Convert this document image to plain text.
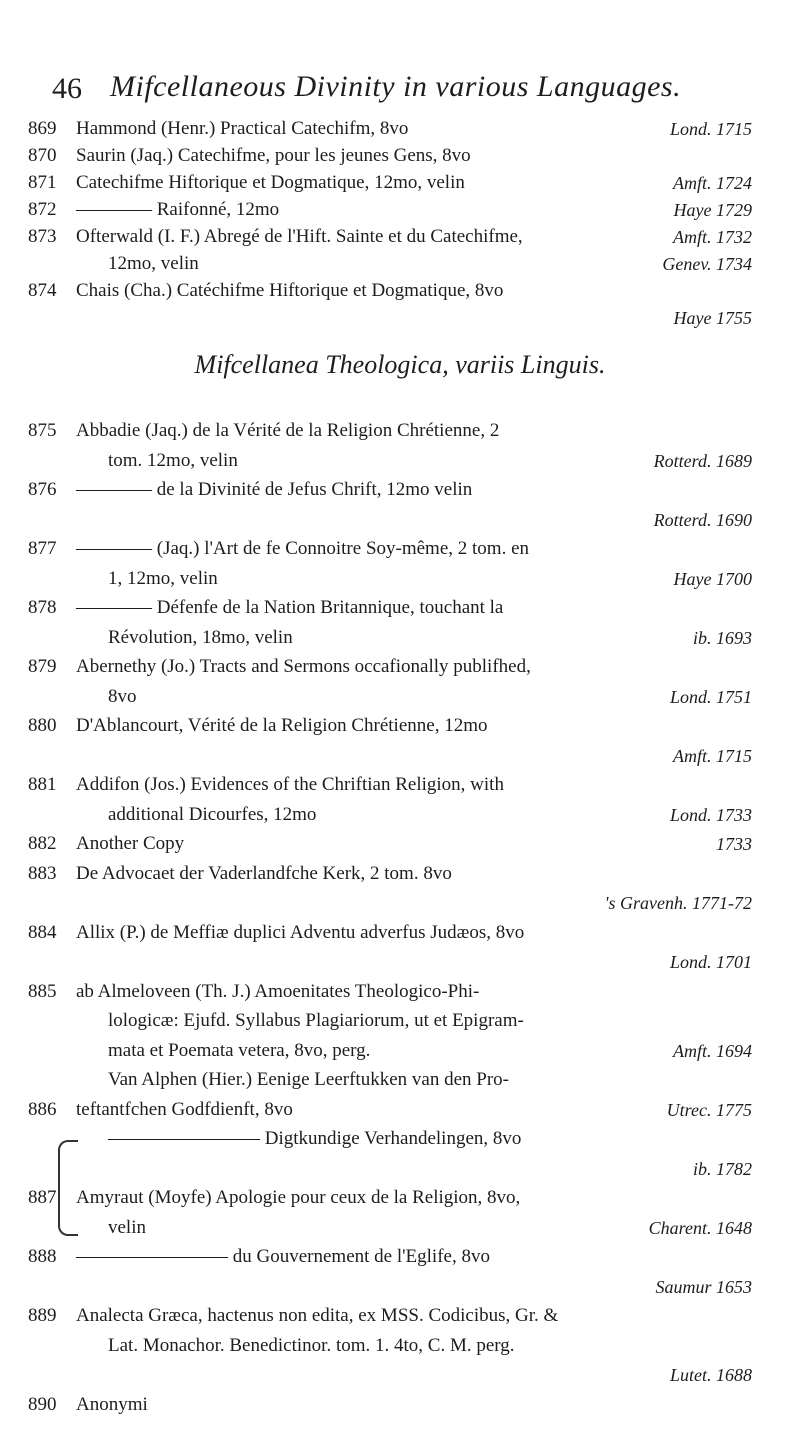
46 Mifcellaneous Divinity in various Languages.
Mifcellanea Theologica, variis Linguis.
869	Hammond (Henr.) Practical Catechifm, 8vo	Lond. 1715
870	Saurin (Jaq.) Catechifme, pour les jeunes Gens, 8vo
871	Catechifme Hiftorique et Dogmatique, 12mo, velin	Amft. 1724
872	———— Raifonné, 12mo	Haye 1729
873	Ofterwald (I. F.) Abregé de l'Hift. Sainte et du Catechifme,	Amft. 1732
12mo, velin	Genev. 1734
874	Chais (Cha.) Catéchifme Hiftorique et Dogmatique, 8vo
Haye 1755
875	Abbadie (Jaq.) de la Vérité de la Religion Chrétienne, 2
tom. 12mo, velin	Rotterd. 1689
876	———— de la Divinité de Jefus Chrift, 12mo velin
Rotterd. 1690
877	———— (Jaq.) l'Art de fe Connoitre Soy-même, 2 tom. en
1, 12mo, velin	Haye 1700
878	———— Défenfe de la Nation Britannique, touchant la
Révolution, 18mo, velin	ib. 1693
879	Abernethy (Jo.) Tracts and Sermons occafionally publifhed,
8vo	Lond. 1751
880	D'Ablancourt, Vérité de la Religion Chrétienne, 12mo
Amft. 1715
881	Addifon (Jos.) Evidences of the Chriftian Religion, with
additional Dicourfes, 12mo	Lond. 1733
882	Another Copy	1733
883	De Advocaet der Vaderlandfche Kerk, 2 tom. 8vo
's Gravenh. 1771-72
884	Allix (P.) de Meffiæ duplici Adventu adverfus Judæos, 8vo
Lond. 1701
885	ab Almeloveen (Th. J.) Amoenitates Theologico-Phi-
lologicæ: Ejufd. Syllabus Plagiariorum, ut et Epigram-
mata et Poemata vetera, 8vo, perg.	Amft. 1694
Van Alphen (Hier.) Eenige Leerftukken van den Pro-
886	teftantfchen Godfdienft, 8vo	Utrec. 1775
———————— Digtkundige Verhandelingen, 8vo
ib. 1782
887	Amyraut (Moyfe) Apologie pour ceux de la Religion, 8vo,
velin	Charent. 1648
888	———————— du Gouvernement de l'Eglife, 8vo
Saumur 1653
889	Analecta Græca, hactenus non edita, ex MSS. Codicibus, Gr. &
Lat. Monachor. Benedictinor. tom. 1. 4to, C. M. perg.
Lutet. 1688
890	Anonymi
